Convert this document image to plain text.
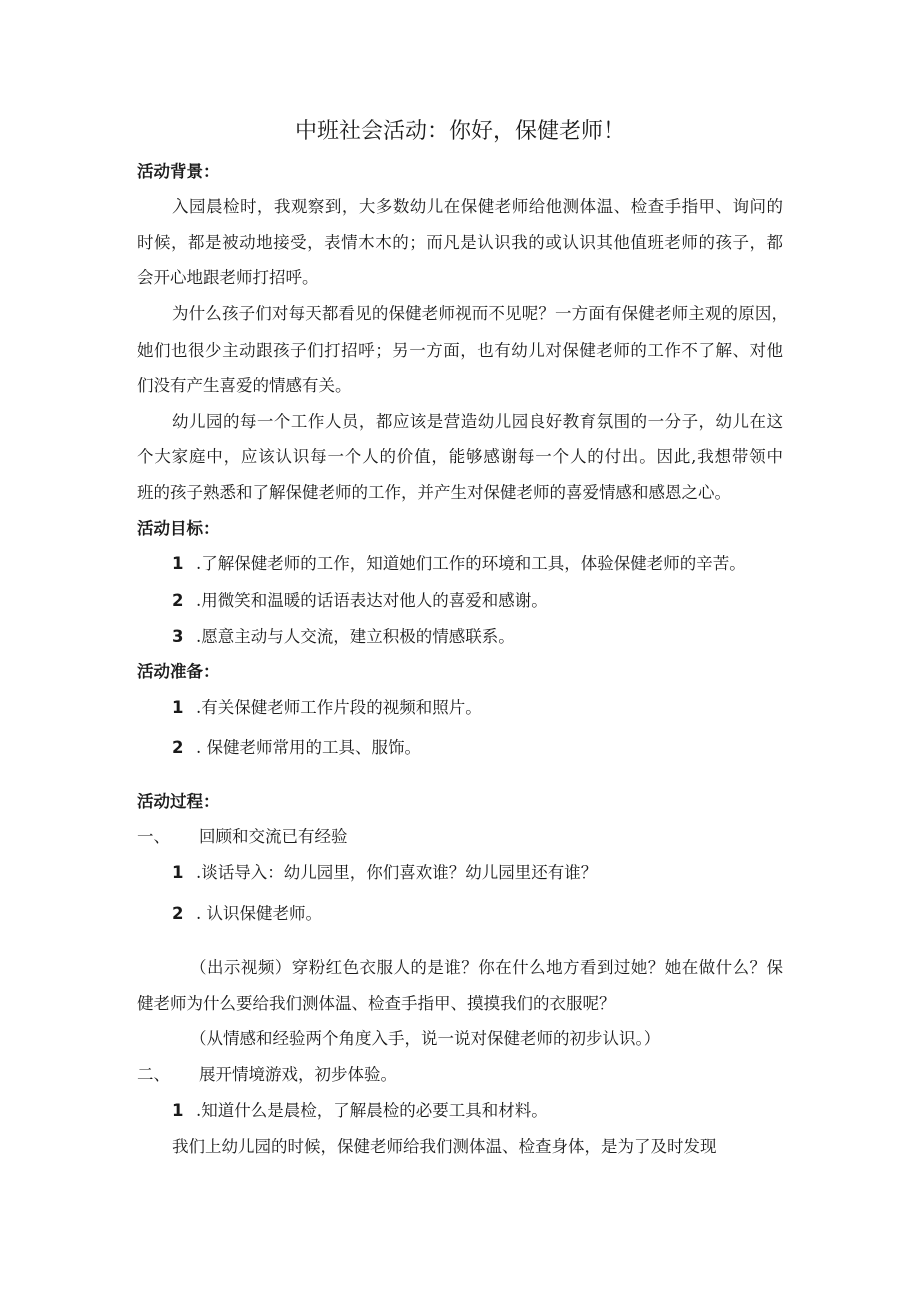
中班社会活动：你好，保健老师！
活动背景：
入园晨检时，我观察到，大多数幼儿在保健老师给他测体温、检查手指甲、询问的
时候，都是被动地接受，表情木木的；而凡是认识我的或认识其他值班老师的孩子，都
会开心地跟老师打招呼。
为什么孩子们对每天都看见的保健老师视而不见呢？一方面有保健老师主观的原因，
她们也很少主动跟孩子们打招呼；另一方面，也有幼儿对保健老师的工作不了解、对他
们没有产生喜爱的情感有关。
幼儿园的每一个工作人员，都应该是营造幼儿园良好教育氛围的一分子，幼儿在这
个大家庭中，应该认识每一个人的价值，能够感谢每一个人的付出。因此,我想带领中
班的孩子熟悉和了解保健老师的工作，并产生对保健老师的喜爱情感和感恩之心。
活动目标：
1 .了解保健老师的工作，知道她们工作的环境和工具，体验保健老师的辛苦。
2 .用微笑和温暖的话语表达对他人的喜爱和感谢。
3 .愿意主动与人交流，建立积极的情感联系。
活动准备：
1 .有关保健老师工作片段的视频和照片。
2 . 保健老师常用的工具、服饰。
活动过程：
一、 回顾和交流已有经验
1 .谈话导入：幼儿园里，你们喜欢谁？幼儿园里还有谁？
2 . 认识保健老师。
（出示视频）穿粉红色衣服人的是谁？你在什么地方看到过她？她在做什么？保
健老师为什么要给我们测体温、检查手指甲、摸摸我们的衣服呢？
（从情感和经验两个角度入手，说一说对保健老师的初步认识。）
二、 展开情境游戏，初步体验。
1 .知道什么是晨检，了解晨检的必要工具和材料。
我们上幼儿园的时候，保健老师给我们测体温、检查身体，是为了及时发现
